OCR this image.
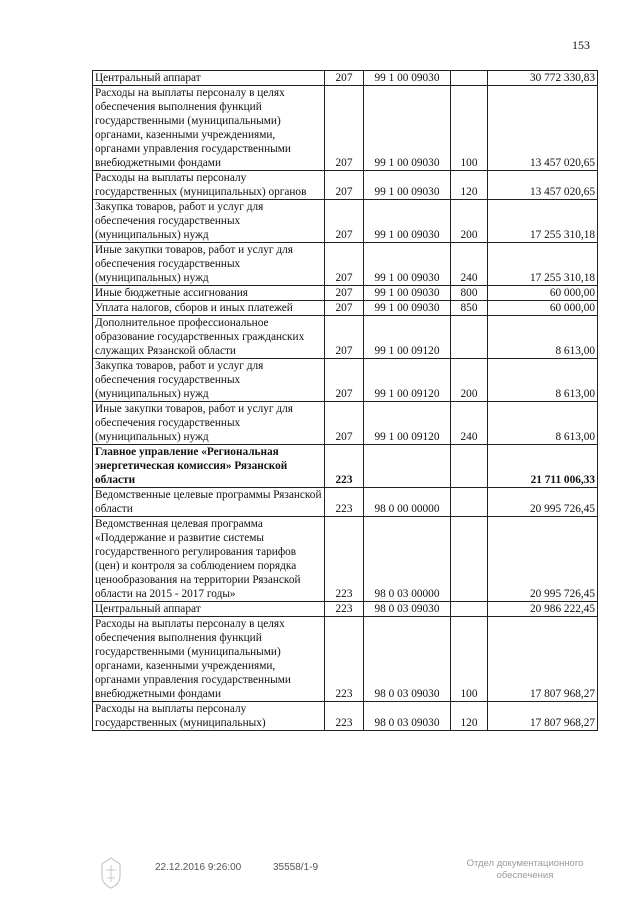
153
Центральный аппарат	207	99 1 00 09030		30 772 330,83
Расходы на выплаты персоналу в целях обеспечения выполнения функций государственными (муниципальными) органами, казенными учреждениями, органами управления государственными внебюджетными фондами	207	99 1 00 09030	100	13 457 020,65
Расходы на выплаты персоналу государственных (муниципальных) органов	207	99 1 00 09030	120	13 457 020,65
Закупка товаров, работ и услуг для обеспечения государственных (муниципальных) нужд	207	99 1 00 09030	200	17 255 310,18
Иные закупки товаров, работ и услуг для обеспечения государственных (муниципальных) нужд	207	99 1 00 09030	240	17 255 310,18
Иные бюджетные ассигнования	207	99 1 00 09030	800	60 000,00
Уплата налогов, сборов и иных платежей	207	99 1 00 09030	850	60 000,00
Дополнительное профессиональное образование государственных гражданских служащих Рязанской области	207	99 1 00 09120		8 613,00
Закупка товаров, работ и услуг для обеспечения государственных (муниципальных) нужд	207	99 1 00 09120	200	8 613,00
Иные закупки товаров, работ и услуг для обеспечения государственных (муниципальных) нужд	207	99 1 00 09120	240	8 613,00
Главное управление «Региональная энергетическая комиссия» Рязанской области	223			21 711 006,33
Ведомственные целевые программы Рязанской области	223	98 0 00 00000		20 995 726,45
Ведомственная целевая программа «Поддержание и развитие системы государственного регулирования тарифов (цен) и контроля за соблюдением порядка ценообразования на территории Рязанской области на 2015 - 2017 годы»	223	98 0 03 00000		20 995 726,45
Центральный аппарат	223	98 0 03 09030		20 986 222,45
Расходы на выплаты персоналу в целях обеспечения выполнения функций государственными (муниципальными) органами, казенными учреждениями, органами управления государственными внебюджетными фондами	223	98 0 03 09030	100	17 807 968,27
Расходы на выплаты персоналу государственных (муниципальных)	223	98 0 03 09030	120	17 807 968,27
22.12.2016 9:26:00	35558/1-9	Отдел документационного обеспечения
